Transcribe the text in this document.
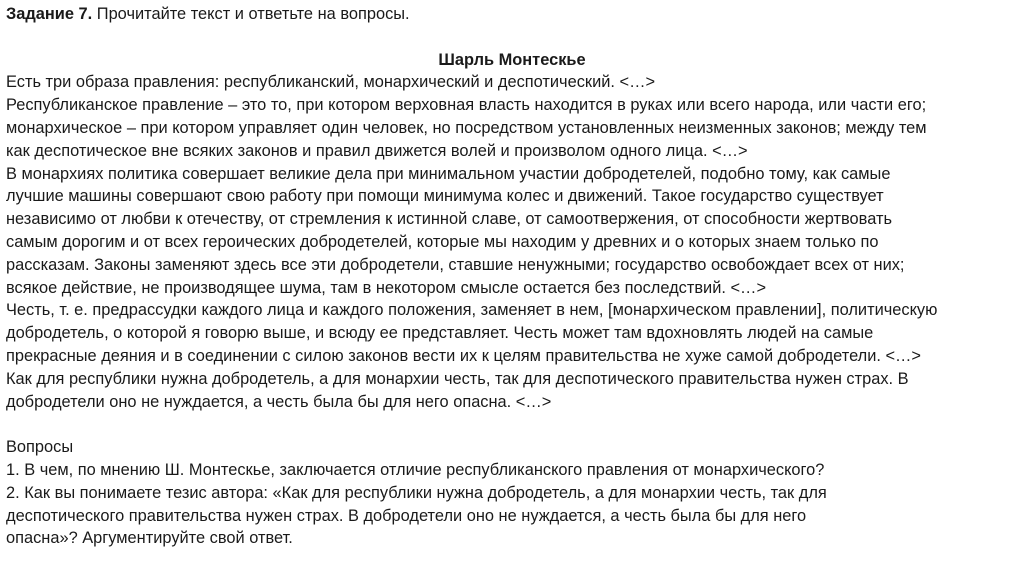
Задание 7. Прочитайте текст и ответьте на вопросы.
Шарль Монтескье
Есть три образа правления: республиканский, монархический и деспотический. <…>
Республиканское правление – это то, при котором верховная власть находится в руках или всего народа, или части его;
монархическое – при котором управляет один человек, но посредством установленных неизменных законов; между тем
как деспотическое вне всяких законов и правил движется волей и произволом одного лица. <…>
В монархиях политика совершает великие дела при минимальном участии добродетелей, подобно тому, как самые
лучшие машины совершают свою работу при помощи минимума колес и движений. Такое государство существует
независимо от любви к отечеству, от стремления к истинной славе, от самоотвержения, от способности жертвовать
самым дорогим и от всех героических добродетелей, которые мы находим у древних и о которых знаем только по
рассказам. Законы заменяют здесь все эти добродетели, ставшие ненужными; государство освобождает всех от них;
всякое действие, не производящее шума, там в некотором смысле остается без последствий. <…>
Честь, т. е. предрассудки каждого лица и каждого положения, заменяет в нем, [монархическом правлении], политическую
добродетель, о которой я говорю выше, и всюду ее представляет. Честь может там вдохновлять людей на самые
прекрасные деяния и в соединении с силою законов вести их к целям правительства не хуже самой добродетели. <…>
Как для республики нужна добродетель, а для монархии честь, так для деспотического правительства нужен страх. В
добродетели оно не нуждается, а честь была бы для него опасна. <…>
Вопросы
1. В чем, по мнению Ш. Монтескье, заключается отличие республиканского правления от монархического?
2. Как вы понимаете тезис автора: «Как для республики нужна добродетель, а для монархии честь, так для
деспотического правительства нужен страх. В добродетели оно не нуждается, а честь была бы для него
опасна»? Аргументируйте свой ответ.
